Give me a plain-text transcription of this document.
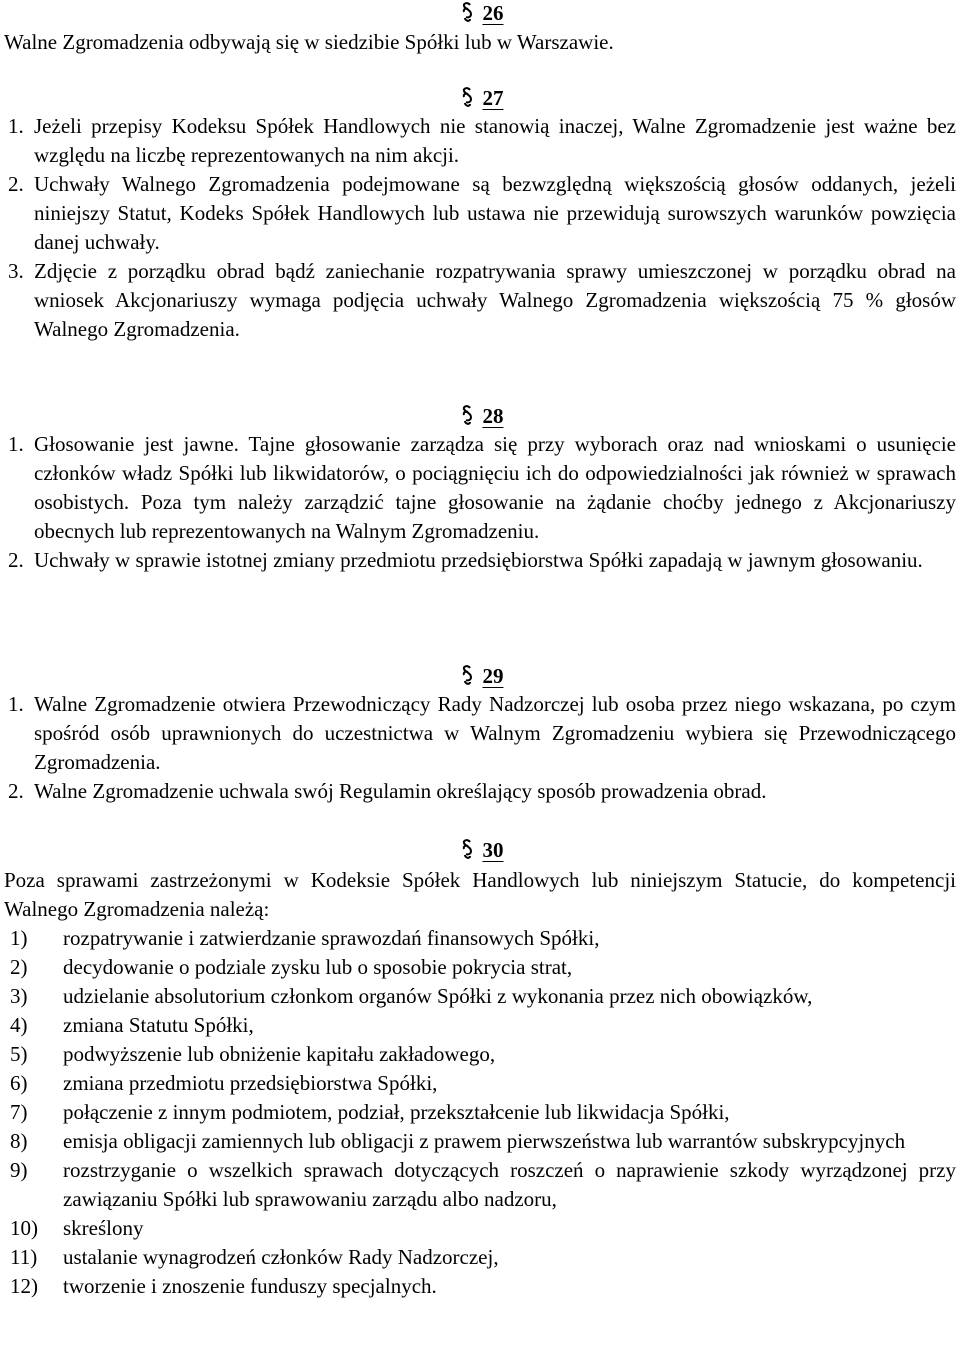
26
Walne Zgromadzenia odbywają się w siedzibie Spółki lub w Warszawie.
27
1. Jeżeli przepisy Kodeksu Spółek Handlowych nie stanowią inaczej, Walne Zgromadzenie jest ważne bez względu na liczbę reprezentowanych na nim akcji.
2. Uchwały Walnego Zgromadzenia podejmowane są bezwzględną większością głosów oddanych, jeżeli niniejszy Statut, Kodeks Spółek Handlowych lub ustawa nie przewidują surowszych warunków powzięcia danej uchwały.
3. Zdjęcie z porządku obrad bądź zaniechanie rozpatrywania sprawy umieszczonej w porządku obrad na wniosek Akcjonariuszy wymaga podjęcia uchwały Walnego Zgromadzenia większością 75 % głosów Walnego Zgromadzenia.
28
1. Głosowanie jest jawne. Tajne głosowanie zarządza się przy wyborach oraz nad wnioskami o usunięcie członków władz Spółki lub likwidatorów, o pociągnięciu ich do odpowiedzialności jak również w sprawach osobistych. Poza tym należy zarządzić tajne głosowanie na żądanie choćby jednego z Akcjonariuszy obecnych lub reprezentowanych na Walnym Zgromadzeniu.
2. Uchwały w sprawie istotnej zmiany przedmiotu przedsiębiorstwa Spółki zapadają w jawnym głosowaniu.
29
1. Walne Zgromadzenie otwiera Przewodniczący Rady Nadzorczej lub osoba przez niego wskazana, po czym spośród osób uprawnionych do uczestnictwa w Walnym Zgromadzeniu wybiera się Przewodniczącego Zgromadzenia.
2. Walne Zgromadzenie uchwala swój Regulamin określający sposób prowadzenia obrad.
30
Poza sprawami zastrzeżonymi w Kodeksie Spółek Handlowych lub niniejszym Statucie, do kompetencji Walnego Zgromadzenia należą:
1) rozpatrywanie i zatwierdzanie sprawozdań finansowych Spółki,
2) decydowanie o podziale zysku lub o sposobie pokrycia strat,
3) udzielanie absolutorium członkom organów Spółki z wykonania przez nich obowiązków,
4) zmiana Statutu Spółki,
5) podwyższenie lub obniżenie kapitału zakładowego,
6) zmiana przedmiotu przedsiębiorstwa Spółki,
7) połączenie z innym podmiotem, podział, przekształcenie lub likwidacja Spółki,
8) emisja obligacji zamiennych lub obligacji z prawem pierwszeństwa lub warrantów subskrypcyjnych
9) rozstrzyganie o wszelkich sprawach dotyczących roszczeń o naprawienie szkody wyrządzonej przy zawiązaniu Spółki lub sprawowaniu zarządu albo nadzoru,
10) skreślony
11) ustalanie wynagrodzeń członków Rady Nadzorczej,
12) tworzenie i znoszenie funduszy specjalnych.
